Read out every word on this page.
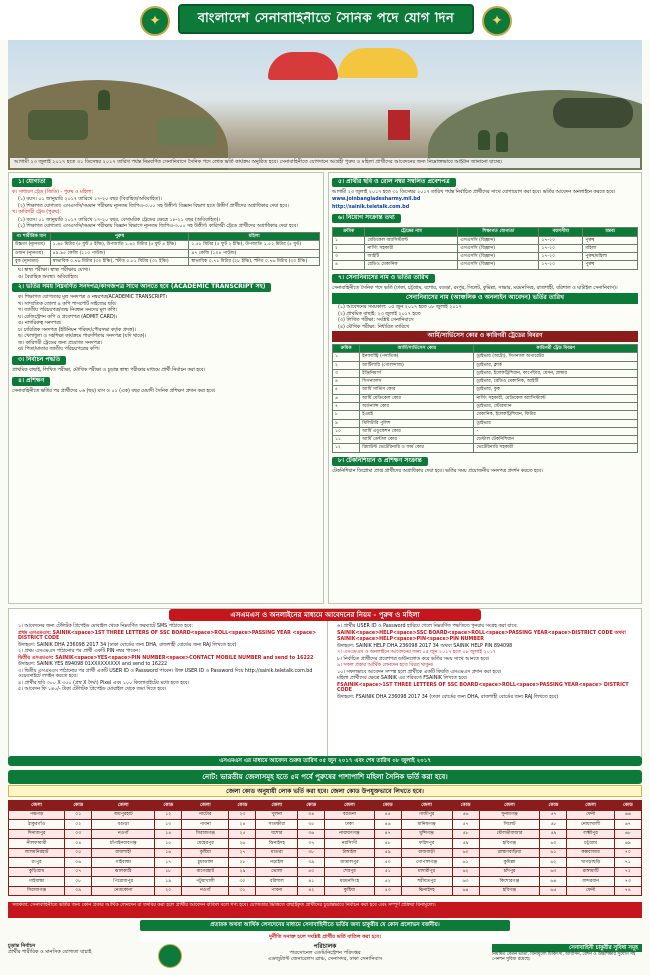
✦	বাংলাদেশ সেনাবাহিনীতে সৈনিক পদে যোগ দিন	✦
আগামী ২৩ জুলাই ২০১৭ হতে ৩১ ডিসেম্বর ২০১৭ তারিখ পর্যন্ত নিম্নবর্ণিত সেনানিবাসে সৈনিক পদে লোক ভর্তি কার্যক্রম অনুষ্ঠিত হবে। সেনাবাহিনীতে যোগদানে আগ্রহী পুরুষ ও মহিলা প্রার্থীদের আবেদনের জন্য নিম্নোক্তভাবে আহ্বান জানানো যাচ্ছে।
১। যোগ্যতা
ক। সাধারণ ট্রেড (জিডি) - পুরুষ ও মহিলা:
(১) বয়স। ০১ জানুয়ারি ২০১৭ তারিখে ১৭-২০ বছর (বিবাহিত/অবিবাহিত)।
(২) শিক্ষাগত যোগ্যতা। এসএসসি/সমমান পরীক্ষায় ন্যূনতম জিপিএ-৩.০০ সহ উত্তীর্ণ। বিজ্ঞান বিভাগ হতে উত্তীর্ণ প্রার্থীদের অগ্রাধিকার দেয়া হবে।
খ। কারিগরী ট্রেড (পুরুষ):
(১) বয়স। ০১ জানুয়ারি ২০১৭ তারিখে ১৭-২০ বছর, বেসামরিক ট্রেডের ক্ষেত্রে ১৮-২১ বছর (অবিবাহিত)।
(২) শিক্ষাগত যোগ্যতা। এসএসসি/সমমান পরীক্ষায় বিজ্ঞান বিভাগে ন্যূনতম জিপিএ-৩.০০ সহ উত্তীর্ণ। কারিগরী ট্রেডে প্রার্থীদের অগ্রাধিকার দেয়া হবে।
গ। শারীরিক মান	পুরুষ	মহিলা
উচ্চতা (ন্যূনতম)	১.৬৫ মিটার (৫ ফুট ৫ ইঞ্চি), উপজাতি ১.৬২ মিটার (৫ ফুট ৪ ইঞ্চি)	১.৫৮ মিটার (৫ ফুট ২ ইঞ্চি), উপজাতি ১.৫২ মিটার (৫ ফুট)
ওজন (ন্যূনতম)	৪৯.৯৫ কেজি (১১০ পাউন্ড)	৪৭ কেজি (১০৪ পাউন্ড)
বুক (ন্যূনতম)	স্বাভাবিক ০.৭৬ মিটার (৩০ ইঞ্চি), স্ফীত ০.৮১ মিটার (৩২ ইঞ্চি)	স্বাভাবিক ০.৭১ মিটার (২৮ ইঞ্চি), স্ফীত ০.৭৬ মিটার (৩০ ইঞ্চি)
ঘ। স্বাস্থ্য পরীক্ষা। স্বাস্থ্য পরীক্ষায় যোগ্য।
ঙ। বৈবাহিক অবস্থা। অবিবাহিত।
২। ভর্তির সময় নিম্নবর্ণিত সনদপত্র/কাগজপত্র সাথে আনতে হবে (ACADEMIC TRANSCRIPT সহ)
ক। শিক্ষাগত যোগ্যতার মূল সনদপত্র ও নম্বরপত্র/ACADEMIC TRANSCRIPT।
খ। সাম্প্রতিক তোলা ৪ কপি পাসপোর্ট সাইজের ছবি।
গ। জাতীয় পরিচয়পত্র/জন্ম নিবন্ধন সনদের মূল কপি।
ঘ। রেজিস্ট্রেশন কপি ও প্রবেশপত্র (ADMIT CARD)।
ঙ। নাগরিকত্ব সনদপত্র।
চ। চারিত্রিক সনদপত্র (ইউনিয়ন পরিষদ/পৌরসভা কর্তৃক প্রদত্ত)।
ছ। খেলাধুলা ও সহশিক্ষা কার্যক্রমে পারদর্শিতার সনদপত্র (যদি থাকে)।
জ। কারিগরী ট্রেডের জন্য প্রযোজ্য সনদপত্র।
ঝ। পিতা/মাতার জাতীয় পরিচয়পত্রের কপি।
৩। নির্বাচন পদ্ধতি
প্রাথমিক বাছাই, লিখিত পরীক্ষা, মৌখিক পরীক্ষা ও চূড়ান্ত স্বাস্থ্য পরীক্ষার মাধ্যমে প্রার্থী নির্বাচন করা হবে।
৪। প্রশিক্ষণ
সেনাবাহিনীতে ভর্তির পর প্রার্থীদের ০৬ (ছয়) মাস ও ০১ (এক) বছর মেয়াদী সৈনিক প্রশিক্ষণ প্রদান করা হবে।
৫। প্রার্থীর ছবি ও রোল নম্বর সম্বলিত প্রবেশপত্র
আগামী ২৩ জুলাই ২০১৭ হতে ৩১ ডিসেম্বর ২০১৭ তারিখ পর্যন্ত নির্বাচিত প্রার্থীদের সাথে যোগাযোগ করা হবে। ভর্তির আবেদন অনলাইনে করতে হবে।
www.joinbangladesharmy.mil.bd
http://sainik.teletalk.com.bd
৬। নিয়োগ সংক্রান্ত তথ্য
ক্রমিক	ট্রেডের নাম	শিক্ষাগত যোগ্যতা	বয়সসীমা	মন্তব্য
১	মেডিকেল অ্যাসিস্ট্যান্ট	এসএসসি (বিজ্ঞান)	১৭-২০	পুরুষ
২	নার্সিং সহকারী	এসএসসি (বিজ্ঞান)	১৭-২০	মহিলা
৩	আইটি	এসএসসি (বিজ্ঞান)	১৭-২০	পুরুষ/মহিলা
৪	রেডিও মেকানিক	এসএসসি (বিজ্ঞান)	১৭-২০	পুরুষ
৭। সেনানিবাসের নাম ও ভর্তির তারিখ
সেনাবাহিনীতে সৈনিক পদে ভর্তি (ঢাকা, চট্টগ্রাম, যশোর, বগুড়া, রংপুর, সিলেট, কুমিল্লা, সাভার, ময়মনসিংহ, রাজশাহী, বরিশাল ও ঘাটাইল সেনানিবাস)।
সেনানিবাসের নাম (আঞ্চলিক ও অনলাইন আবেদন) ভর্তির তারিখ
(১) আবেদনের সময়কাল: ০৫ জুন ২০১৭ হতে ০৮ জুলাই ২০১৭
(২) প্রাথমিক বাছাই: ২৩ জুলাই ২০১৭ হতে
(৩) লিখিত পরীক্ষা: সংশ্লিষ্ট সেনানিবাসে
(৪) মৌখিক পরীক্ষা: নির্ধারিত তারিখে
আর্মি/সার্ভিসেস কোর ও কারিগরী ট্রেডের বিবরণ
ক্রমিক	আর্মি/সার্ভিসেস কোর	কারিগরী ট্রেড বিবরণ
১	ইনফ্যান্ট্রি (পদাতিক)	ড্রাইভার (অটো), সিগন্যাল অপারেটর
২	আর্টিলারি (গোলন্দাজ)	ড্রাইভার, ক্লার্ক
৩	ইঞ্জিনিয়ার্স	ড্রাইভার, ইলেকট্রিশিয়ান, কার্পেন্টার, মেসন, প্লাম্বার
৪	সিগন্যালস	ড্রাইভার, রেডিও মেকানিক, আইটি
৫	আর্মি সার্ভিস কোর	ড্রাইভার, কুক
৬	আর্মি মেডিকেল কোর	নার্সিং সহকারী, মেডিকেল অ্যাসিস্ট্যান্ট
৭	অর্ডন্যান্স কোর	ড্রাইভার, স্টোরম্যান
৮	ইএমই	মেকানিক, ইলেকট্রিশিয়ান, ফিটার
৯	মিলিটারি পুলিশ	ড্রাইভার
১০	আর্মি এডুকেশন কোর	-
১১	আর্মি ডেন্টাল কোর	ডেন্টাল টেকনিশিয়ান
১২	রিমাউন্ট ভেটেরিনারি ও ফার্ম কোর	ভেটেরিনারি সহকারী
৮। টেকনিশিয়ান ও প্রশিক্ষণ সংক্রান্ত
টেকনিশিয়ান ডিপ্লোমা প্রাপ্ত প্রার্থীদের অগ্রাধিকার দেয়া হবে। ভর্তির সময় প্রয়োজনীয় সনদপত্র প্রদর্শন করতে হবে।
এসএমএস ও অনলাইনের মাধ্যমে আবেদনের নিয়ম - পুরুষ ও মহিলা
১। আবেদনের জন্য টেলিটক প্রিপেইড মোবাইল থেকে নিম্নবর্ণিত ফরম্যাটে SMS পাঠাতে হবে:
প্রথম এসএমএস: SAINIK<space>1ST THREE LETTERS OF SSC BOARD<space>ROLL<space>PASSING YEAR <space> DISTRICT CODE
উদাহরণ: SAINIK DHA 236098 2017 34 (ঢাকা বোর্ডের জন্য DHA, রাজশাহী বোর্ডের জন্য RAJ লিখতে হবে)
২। প্রথম এসএমএস পাঠানোর পর প্রার্থী একটি PIN নম্বর পাবেন।
দ্বিতীয় এসএমএস: SAINIK<space>YES<space>PIN NUMBER<space>CONTACT MOBILE NUMBER and send to 16222
উদাহরণ: SAINIK YES 894098 01XXXXXXXXX and send to 16222
৩। দ্বিতীয় এসএমএস পাঠানোর পর প্রার্থী একটি USER ID ও Password পাবেন। উক্ত USER ID ও Password দিয়ে http://sainik.teletalk.com.bd ওয়েবসাইটে লগইন করতে হবে।
৪। প্রার্থীর ছবি ৩০০ X ৩০০ (প্রস্থ X দৈর্ঘ্য) Pixel এবং ১০০ কিলোবাইটের মধ্যে হতে হবে।
৫। আবেদন ফি ১৪০/- টাকা টেলিটক প্রিপেইড মোবাইল থেকে জমা দিতে হবে।
৬। প্রার্থীর USER ID ও Password হারিয়ে গেলে নিম্নবর্ণিত পদ্ধতিতে পুনরায় সংগ্রহ করা যাবে:
SAINIK<space>HELP<space>SSC BOARD<space>ROLL<space>PASSING YEAR<space>DISTRICT CODE অথবা
SAINIK<space>HELP<space>PIN<space>PIN NUMBER
উদাহরণ: SAINIK HELP DHA 236098 2017 34 অথবা SAINIK HELP PIN 894098
৭। এসএমএস ও অনলাইনে আবেদনের জন্য ০৫ জুন ২০১৭ হতে ০৮ জুলাই ২০১৭
৮। নির্বাচিত প্রার্থীদের প্রবেশপত্র ডাউনলোড করে ভর্তির সময় সাথে আনতে হবে।
৯। সকল প্রকার আর্থিক লেনদেন হতে বিরত থাকুন।
১০। সফলভাবে আবেদন সম্পন্ন হলে প্রার্থীকে একটি ফিরতি এসএমএস প্রদান করা হবে।
মহিলা প্রার্থীদের ক্ষেত্রে SAINIK এর পরিবর্তে FSAINIK লিখতে হবে।
FSAINIK<space>1ST THREE LETTERS OF SSC BOARD<space>ROLL<space>PASSING YEAR<space> DISTRICT CODE
উদাহরণ: FSAINIK DHA 236098 2017 34 (ঢাকা বোর্ডের জন্য DHA, রাজশাহী বোর্ডের জন্য RAJ লিখতে হবে)
এসএমএস এর মাধ্যমে আবেদন শুরুর তারিখ ০৫ জুন ২০১৭ এবং শেষ তারিখ ০৮ জুলাই ২০১৭
নোট: ভারতীয় জেলাসমূহ হতে ৫ম পর্বে পুরুষের পাশাপাশি মহিলা সৈনিক ভর্তি করা হবে।
জেলা কোড অনুযায়ী লোক ভর্তি করা হবে। জেলা কোড উপযুক্তভাবে লিখতে হবে।
জেলা	কোড	জেলা	কোড	জেলা	কোড	জেলা	কোড	জেলা	কোড	জেলা	কোড	জেলা	কোড	জেলা	কোড
পঞ্চগড়	০১	জয়পুরহাট	১২	নাটোর	২৩	খুলনা	৩৪	বরগুনা	৪৫	গাজীপুর	৫৬	সুনামগঞ্জ	৫৭	ফেনী	৬৬
ঠাকুরগাঁও	০২	বগুড়া	১৩	পাবনা	২৪	সাতক্ষীরা	৩৫	ঢাকা	৪৬	মানিকগঞ্জ	৫৭	সিলেট	৫৮	নোয়াখালী	৬৭
দিনাজপুর	০৩	নওগাঁ	১৪	সিরাজগঞ্জ	২৫	যশোর	৩৬	নারায়ণগঞ্জ	৪৭	মুন্সিগঞ্জ	৫৮	মৌলভীবাজার	৫৯	লক্ষ্মীপুর	৬৮
নীলফামারী	০৪	চাঁপাইনবাবগঞ্জ	১৫	মেহেরপুর	২৬	ঝিনাইদহ	৩৭	নরসিংদী	৪৮	ফরিদপুর	৫৯	হবিগঞ্জ	৬০	চট্টগ্রাম	৬৯
লালমনিরহাট	০৫	রাজশাহী	১৬	কুষ্টিয়া	২৭	মাগুরা	৩৮	টাঙ্গাইল	৪৯	রাজবাড়ী	৬০	ব্রাহ্মণবাড়িয়া	৬১	কক্সবাজার	৭০
রংপুর	০৬	গাইবান্ধা	১৭	চুয়াডাঙ্গা	২৮	নড়াইল	৩৯	জামালপুর	৫০	গোপালগঞ্জ	৬১	কুমিল্লা	৬২	খাগড়াছড়ি	৭১
কুড়িগ্রাম	০৭	ঝালকাঠি	১৮	বাগেরহাট	২৯	ভোলা	৪০	শেরপুর	৫১	মাদারীপুর	৬২	চাঁদপুর	৬৩	রাঙ্গামাটি	৭২
গাইবান্ধা	০৮	পিরোজপুর	১৯	পটুয়াখালী	৩০	বরিশাল	৪১	ময়মনসিংহ	৫২	শরীয়তপুর	৬৩	কিশোরগঞ্জ	৬৪	বান্দরবান	৭৩
সিরাজগঞ্জ	০৯	নেত্রকোনা	২০	নওগাঁ	৩১	পাবনা	৪২	কুষ্টিয়া	৫৩	ঝিনাইদহ	৬৪	হবিগঞ্জ	৬৫	ফেনী	৭৪
সতর্কতা: সেনাবাহিনীতে ভর্তির জন্য কোন প্রকার আর্থিক লেনদেন বা তদবির করা হলে প্রার্থীর আবেদন বাতিল বলে গণ্য হবে। যোগ্যতার ভিত্তিতে বাছাইকৃত প্রার্থীদের চূড়ান্তভাবে নির্বাচন করা হবে এবং সম্পূর্ণ প্রক্রিয়া বিনামূল্যে।
প্রতারক অথবা আর্থিক লেনদেনের মাধ্যমে সেনাবাহিনীতে ভর্তির জন্য চাকুরীর যে কোন প্রলোভন বর্জনীয়।
দুর্নীতি সনাক্ত হলে সংশ্লিষ্ট প্রার্থীর ভর্তি বাতিল করা হবে।
চূড়ান্ত নির্বাচন
প্রার্থীর শারীরিক ও মানসিক যোগ্যতা যাচাই
পরিচালক
পারসোনেল এডমিনিস্ট্রেশন পরিদপ্তর
এডজুট্যান্ট জেনারেলস ব্রাঞ্চ, সেনাসদর, ঢাকা সেনানিবাস
সেনাবাহিনী চাকুরীর সুবিধা সমূহ
নিয়মিত বেতন ভাতা, বিনামূল্যে চিকিৎসা, আবাসন, রেশন ও উচ্চশিক্ষার সুযোগ সহ পেনশন সুবিধা রয়েছে।
